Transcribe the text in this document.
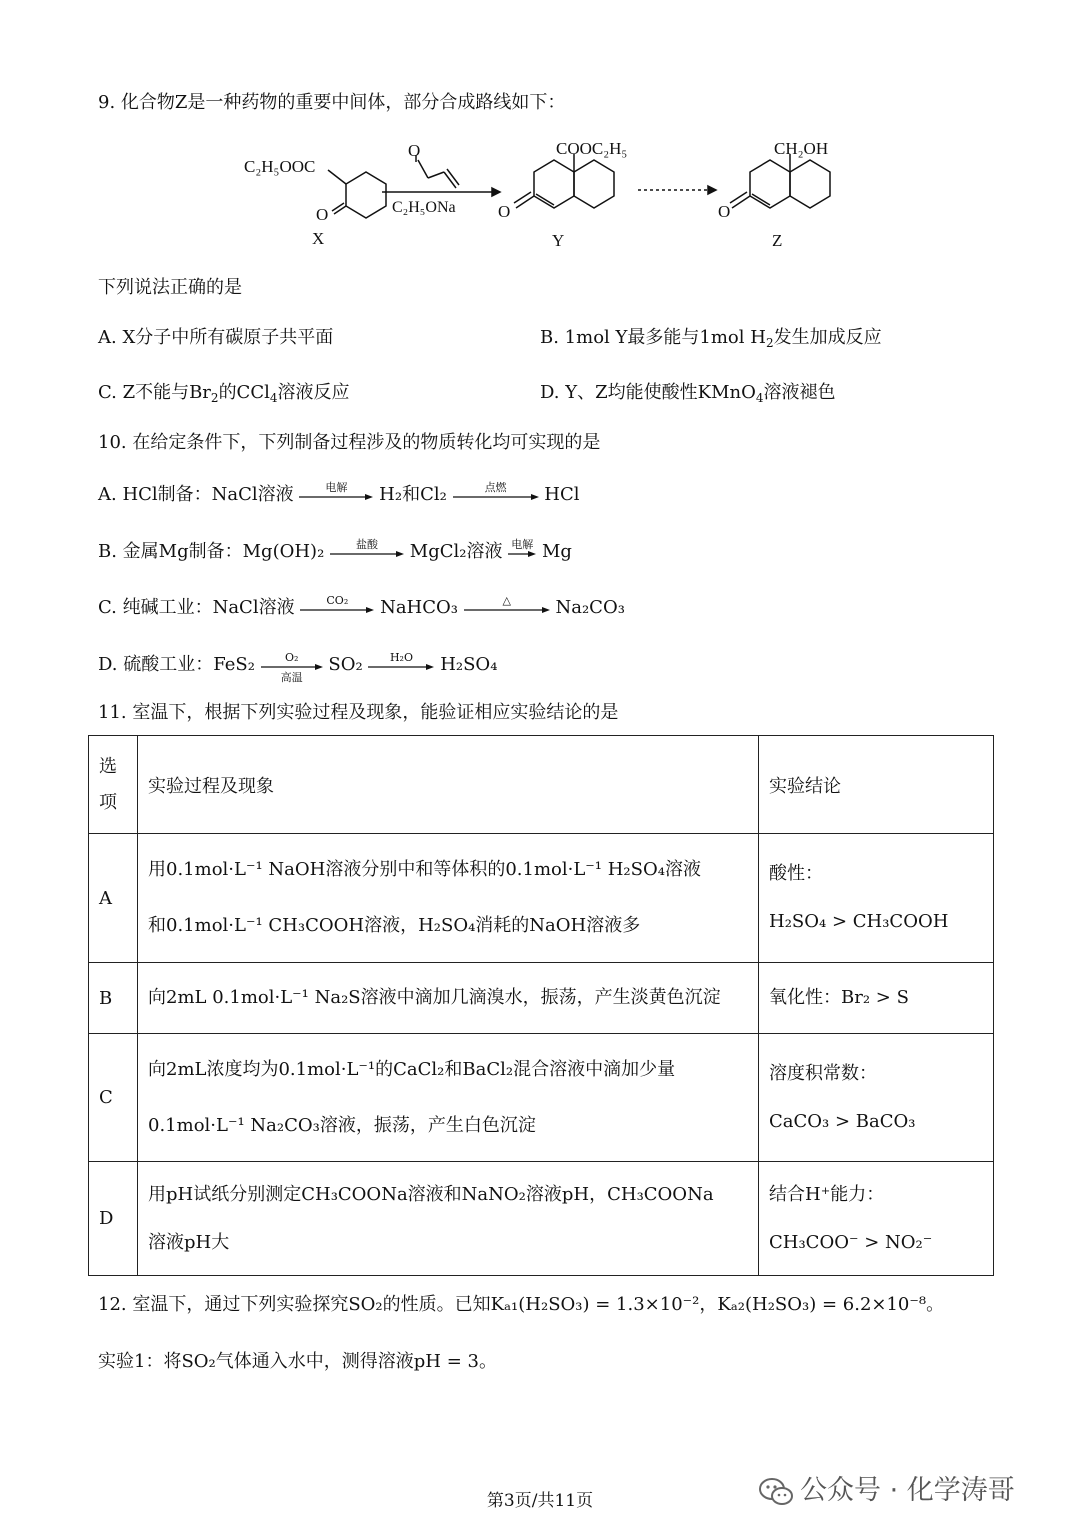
9. 化合物Z是一种药物的重要中间体，部分合成路线如下：
C₂H₅OOC
O
X
O
C₂H₅ONa
COOC₂H₅
O
Y
CH₂OH
O
Z
下列说法正确的是
A. X分子中所有碳原子共平面	B. 1mol Y最多能与1mol $H_2$发生加成反应
C. Z不能与$Br_2$的CCl$_4$溶液反应	D. Y、Z均能使酸性KMnO$_4$溶液褪色
10. 在给定条件下，下列制备过程涉及的物质转化均可实现的是
A. HCl制备：NaCl溶液	电解	H₂和Cl₂	点燃	HCl
B. 金属Mg制备：Mg(OH)₂	盐酸	MgCl₂溶液 电解 Mg
C. 纯碱工业：NaCl溶液	CO₂	NaHCO₃	△	Na₂CO₃
D. 硫酸工业：FeS₂	O₂
高温
SO₂	H₂O	H₂SO₄
11. 室温下，根据下列实验过程及现象，能验证相应实验结论的是
选
项	实验过程及现象	实验结论
A	用0.1mol·L⁻¹ NaOH溶液分别中和等体积的0.1mol·L⁻¹ H₂SO₄溶液
和0.1mol·L⁻¹ CH₃COOH溶液，H₂SO₄消耗的NaOH溶液多	酸性：
H₂SO₄ > CH₃COOH

B	向2mL 0.1mol·L⁻¹ Na₂S溶液中滴加几滴溴水，振荡，产生淡黄色沉淀	氧化性：Br₂ > S

C	向2mL浓度均为0.1mol·L⁻¹的CaCl₂和BaCl₂混合溶液中滴加少量
0.1mol·L⁻¹ Na₂CO₃溶液，振荡，产生白色沉淀	溶度积常数：
CaCO₃ > BaCO₃

D	用pH试纸分别测定CH₃COONa溶液和NaNO₂溶液pH，CH₃COONa
溶液pH大	结合H⁺能力：
CH₃COO⁻ > NO₂⁻
12. 室温下，通过下列实验探究SO₂的性质。已知Kₐ₁(H₂SO₃) = 1.3×10⁻²，Kₐ₂(H₂SO₃) = 6.2×10⁻⁸。
实验1：将SO₂气体通入水中，测得溶液pH = 3。
第3页/共11页	公众号 · 化学涛哥
